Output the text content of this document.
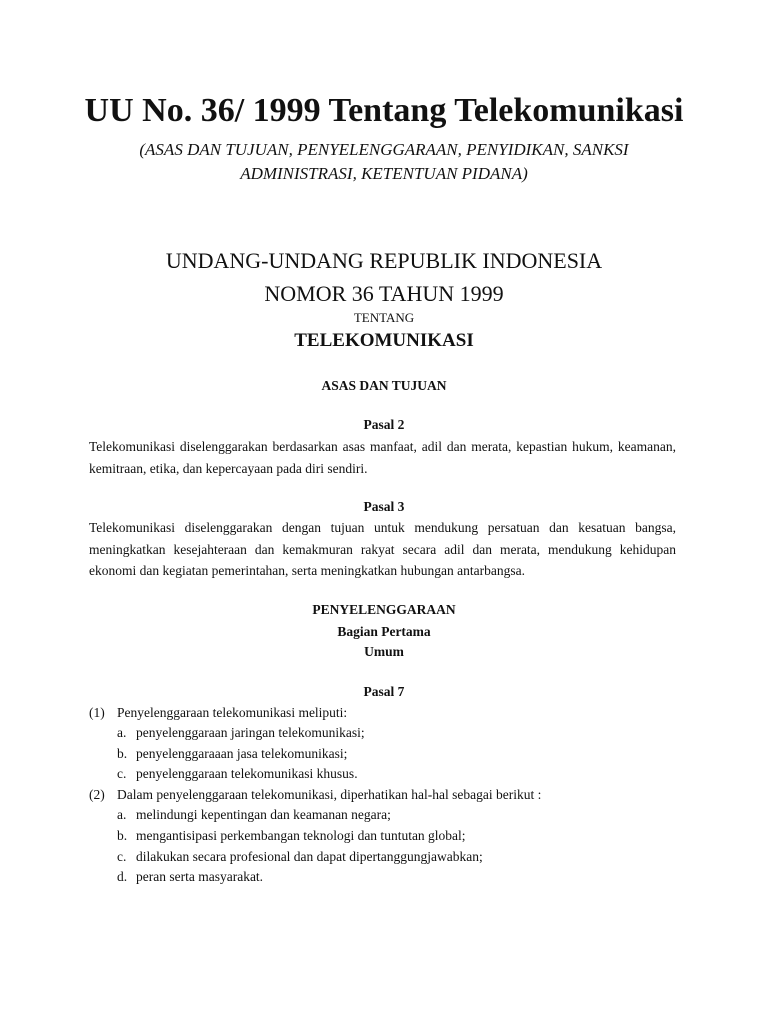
UU No. 36/ 1999 Tentang Telekomunikasi
(ASAS DAN TUJUAN, PENYELENGGARAAN, PENYIDIKAN, SANKSI
ADMINISTRASI, KETENTUAN PIDANA)
UNDANG-UNDANG REPUBLIK INDONESIA
NOMOR 36 TAHUN 1999
TENTANG
TELEKOMUNIKASI
ASAS DAN TUJUAN
Pasal 2
Telekomunikasi diselenggarakan berdasarkan asas manfaat, adil dan merata, kepastian hukum, keamanan, kemitraan, etika, dan kepercayaan pada diri sendiri.
Pasal 3
Telekomunikasi diselenggarakan dengan tujuan untuk mendukung persatuan dan kesatuan bangsa, meningkatkan kesejahteraan dan kemakmuran rakyat secara adil dan merata, mendukung kehidupan ekonomi dan kegiatan pemerintahan, serta meningkatkan hubungan antarbangsa.
PENYELENGGARAAN
Bagian Pertama
Umum
Pasal 7
(1) Penyelenggaraan telekomunikasi meliputi:
a. penyelenggaraan jaringan telekomunikasi;
b. penyelenggaraaan jasa telekomunikasi;
c. penyelenggaraan telekomunikasi khusus.
(2) Dalam penyelenggaraan telekomunikasi, diperhatikan hal-hal sebagai berikut :
a. melindungi kepentingan dan keamanan negara;
b. mengantisipasi perkembangan teknologi dan tuntutan global;
c. dilakukan secara profesional dan dapat dipertanggungjawabkan;
d. peran serta masyarakat.
